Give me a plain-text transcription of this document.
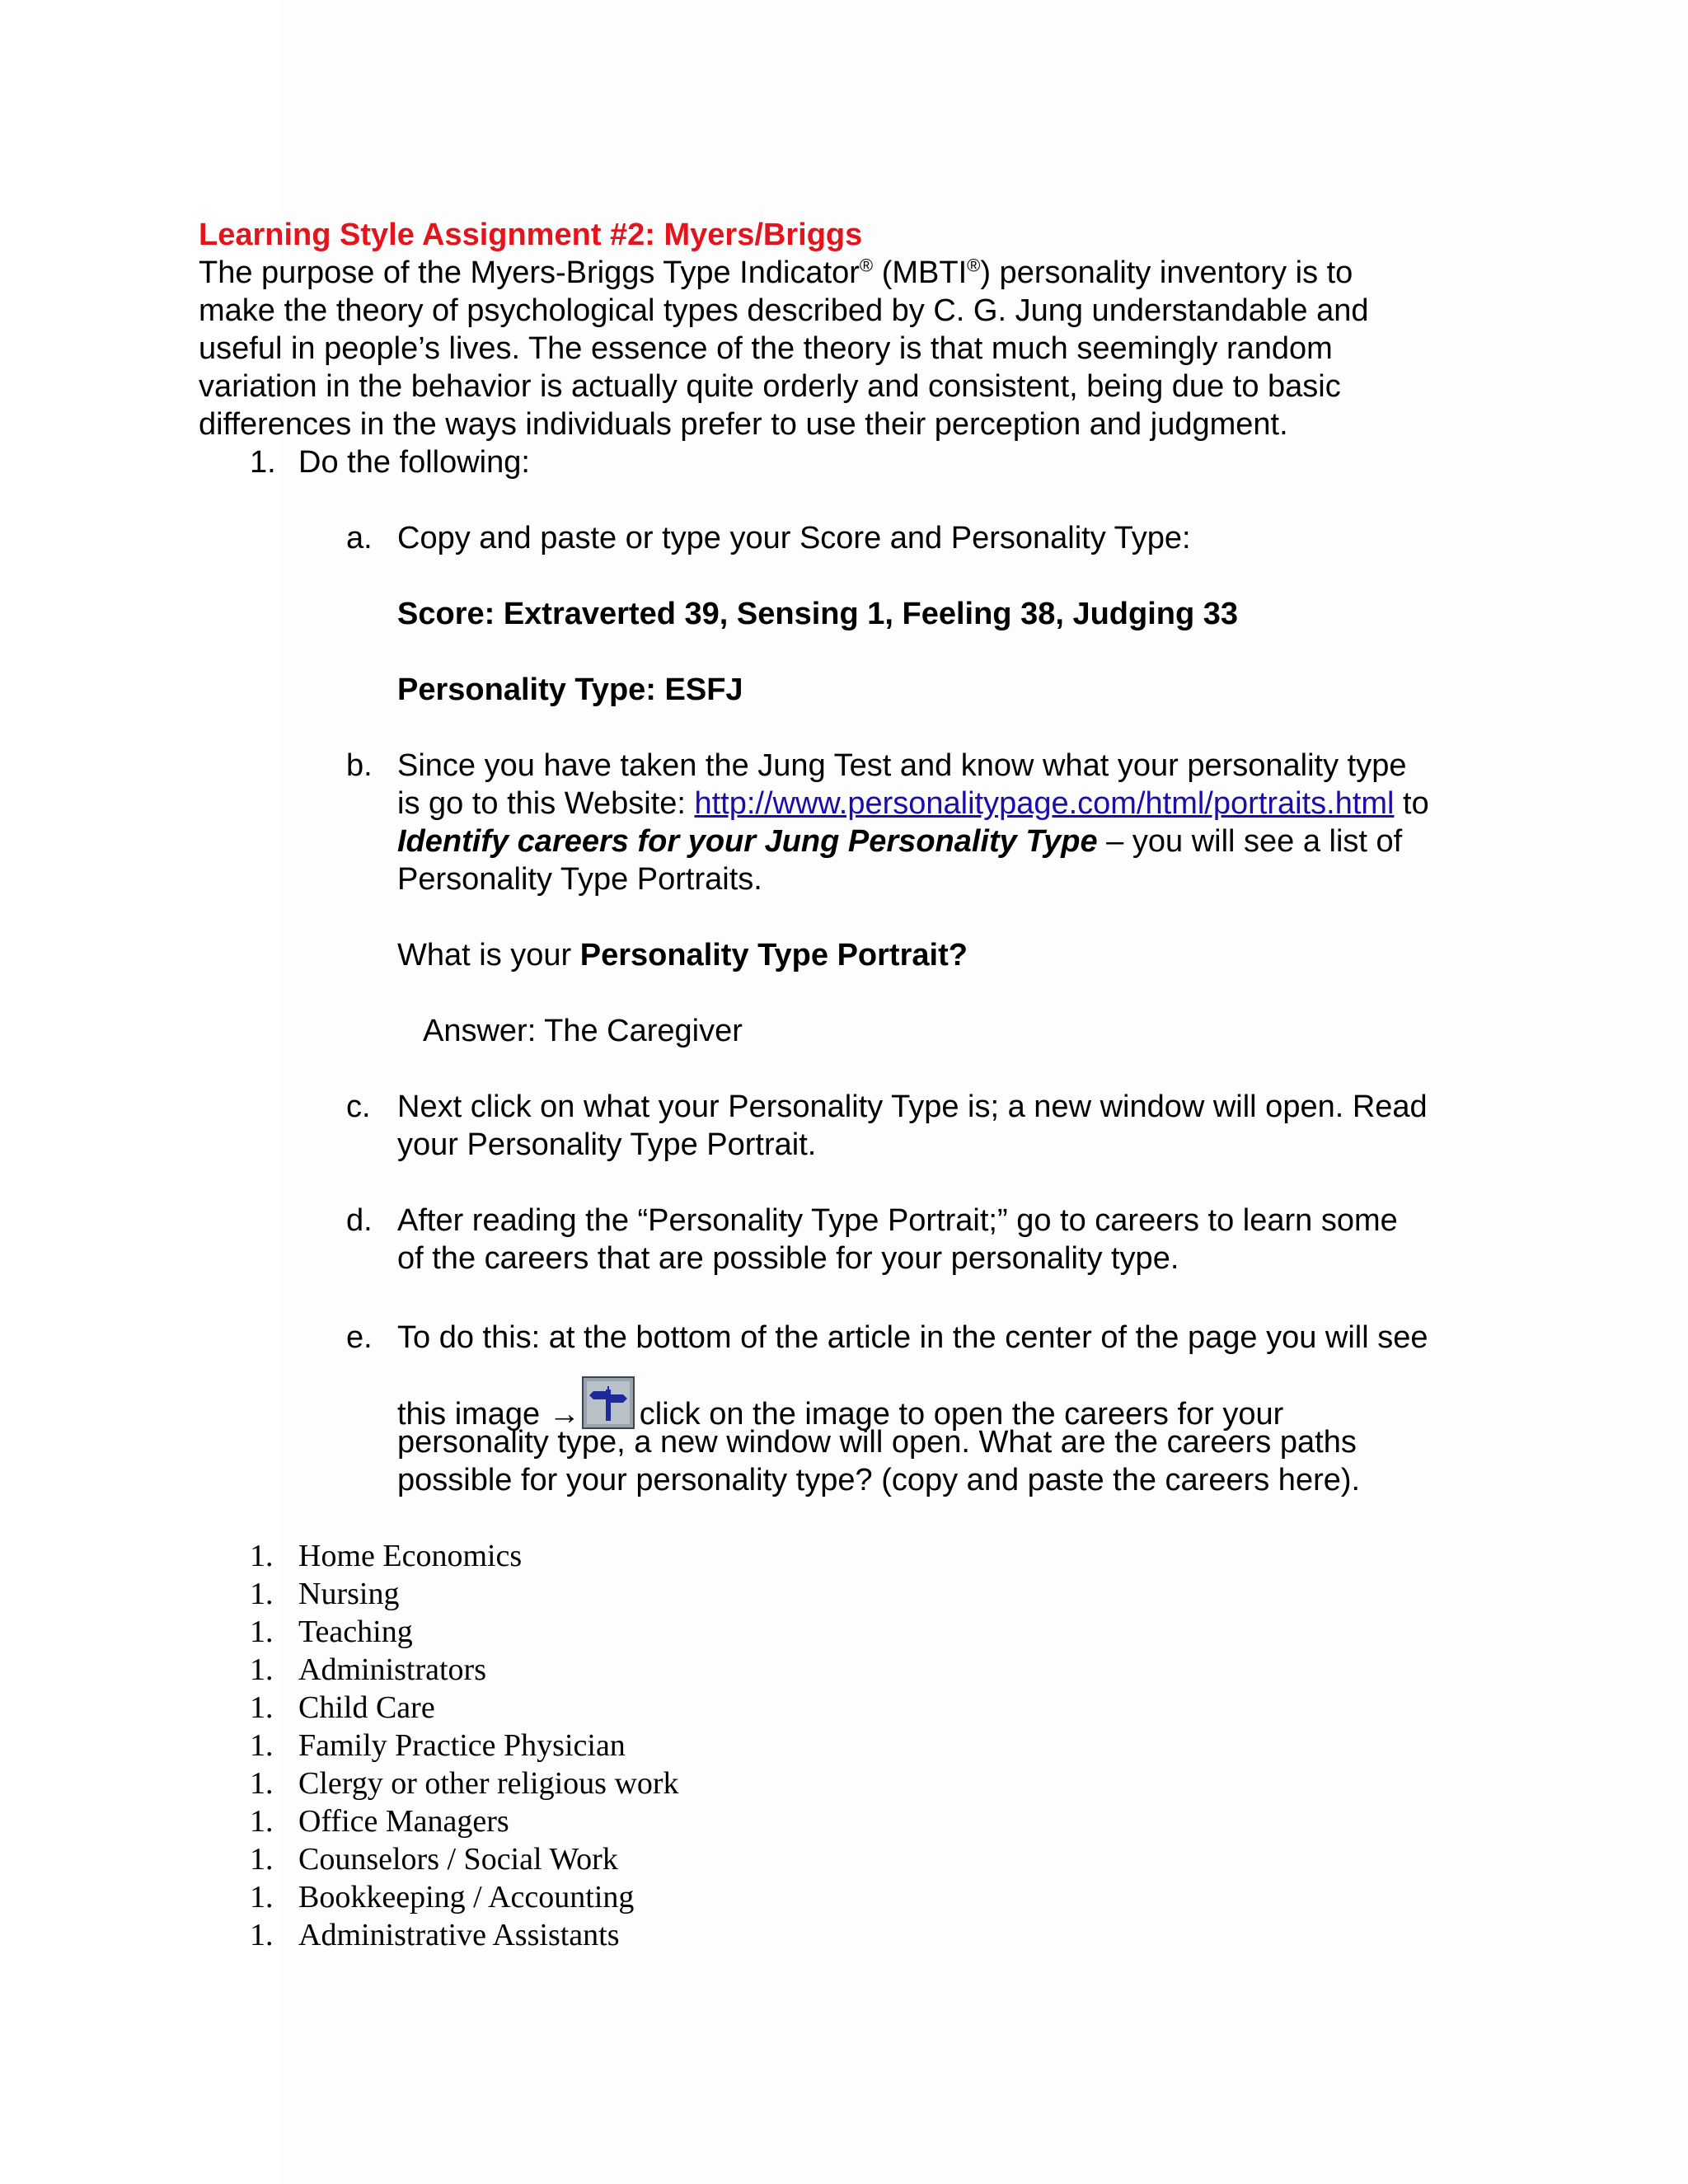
Learning Style Assignment #2: Myers/Briggs
The purpose of the Myers-Briggs Type Indicator® (MBTI®) personality inventory is to
make the theory of psychological types described by C. G. Jung understandable and
useful in people’s lives. The essence of the theory is that much seemingly random
variation in the behavior is actually quite orderly and consistent, being due to basic
differences in the ways individuals prefer to use their perception and judgment.
1. Do the following:
a. Copy and paste or type your Score and Personality Type:
Score: Extraverted 39, Sensing 1, Feeling 38, Judging 33
Personality Type: ESFJ
b. Since you have taken the Jung Test and know what your personality type
is go to this Website: http://www.personalitypage.com/html/portraits.html to
Identify careers for your Jung Personality Type – you will see a list of
Personality Type Portraits.
What is your Personality Type Portrait?
Answer: The Caregiver
c. Next click on what your Personality Type is; a new window will open. Read
your Personality Type Portrait.
d. After reading the “Personality Type Portrait;” go to careers to learn some
of the careers that are possible for your personality type.
e. To do this: at the bottom of the article in the center of the page you will see
this image → click on the image to open the careers for your
personality type, a new window will open. What are the careers paths
possible for your personality type? (copy and paste the careers here).
1. Home Economics
1. Nursing
1. Teaching
1. Administrators
1. Child Care
1. Family Practice Physician
1. Clergy or other religious work
1. Office Managers
1. Counselors / Social Work
1. Bookkeeping / Accounting
1. Administrative Assistants
